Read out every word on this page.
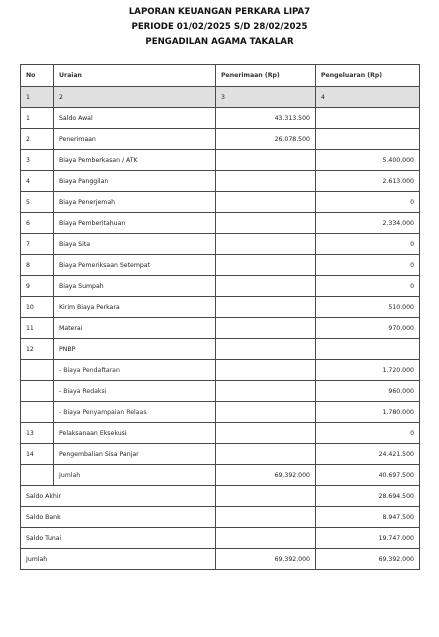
LAPORAN KEUANGAN PERKARA LIPA7
PERIODE 01/02/2025 S/D 28/02/2025
PENGADILAN AGAMA TAKALAR
No	Uraian	Penerimaan (Rp)	Pengeluaran (Rp)
1	2	3	4
1	Saldo Awal	43.313.500	
2	Penerimaan	26.078.500	
3	Biaya Pemberkasan / ATK		5.400.000
4	Biaya Panggilan		2.613.000
5	Biaya Penerjemah		0
6	Biaya Pemberitahuan		2.334.000
7	Biaya Sita		0
8	Biaya Pemeriksaan Setempat		0
9	Biaya Sumpah		0
10	Kirim Biaya Perkara		510.000
11	Materai		970.000
12	PNBP		
	- Biaya Pendaftaran		1.720.000
	- Biaya Redaksi		960.000
	- Biaya Penyampaian Relaas		1.780.000
13	Pelaksanaan Eksekusi		0
14	Pengembalian Sisa Panjar		24.421.500
	Jumlah	69.392.000	40.697.500
Saldo Akhir			28.694.500
Saldo Bank			8.947.500
Saldo Tunai			19.747.000
Jumlah		69.392.000	69.392.000
